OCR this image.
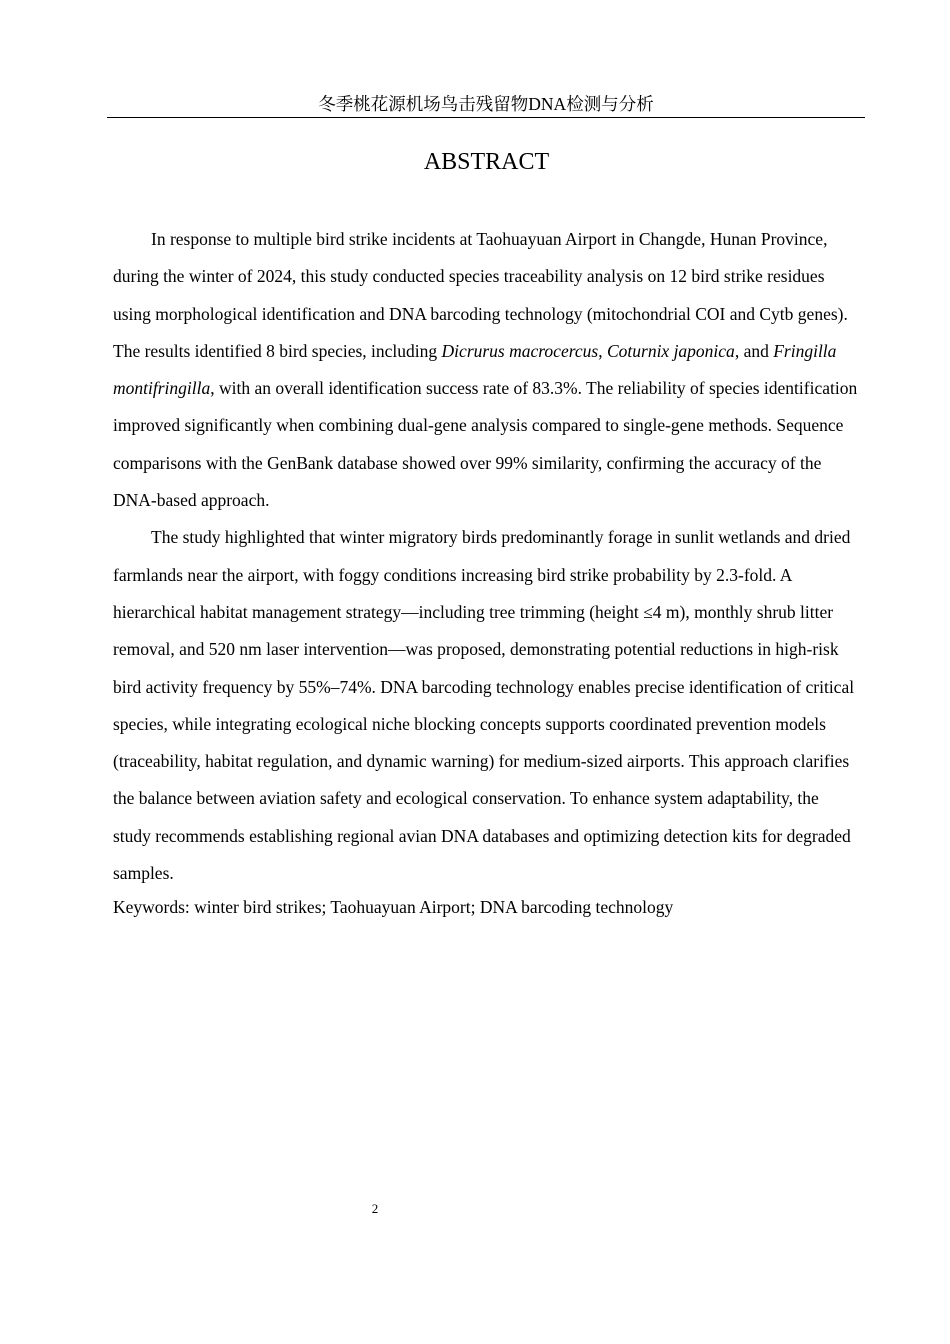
冬季桃花源机场鸟击残留物DNA检测与分析
ABSTRACT

In response to multiple bird strike incidents at Taohuayuan Airport in Changde, Hunan Province, during the winter of 2024, this study conducted species traceability analysis on 12 bird strike residues using morphological identification and DNA barcoding technology (mitochondrial COI and Cytb genes). The results identified 8 bird species, including Dicrurus macrocercus, Coturnix japonica, and Fringilla montifringilla, with an overall identification success rate of 83.3%. The reliability of species identification improved significantly when combining dual-gene analysis compared to single-gene methods. Sequence comparisons with the GenBank database showed over 99% similarity, confirming the accuracy of the DNA-based approach.

The study highlighted that winter migratory birds predominantly forage in sunlit wetlands and dried farmlands near the airport, with foggy conditions increasing bird strike probability by 2.3-fold. A hierarchical habitat management strategy—including tree trimming (height ≤4 m), monthly shrub litter removal, and 520 nm laser intervention—was proposed, demonstrating potential reductions in high-risk bird activity frequency by 55%–74%. DNA barcoding technology enables precise identification of critical species, while integrating ecological niche blocking concepts supports coordinated prevention models (traceability, habitat regulation, and dynamic warning) for medium-sized airports. This approach clarifies the balance between aviation safety and ecological conservation. To enhance system adaptability, the study recommends establishing regional avian DNA databases and optimizing detection kits for degraded samples.

Keywords: winter bird strikes; Taohuayuan Airport; DNA barcoding technology

2
